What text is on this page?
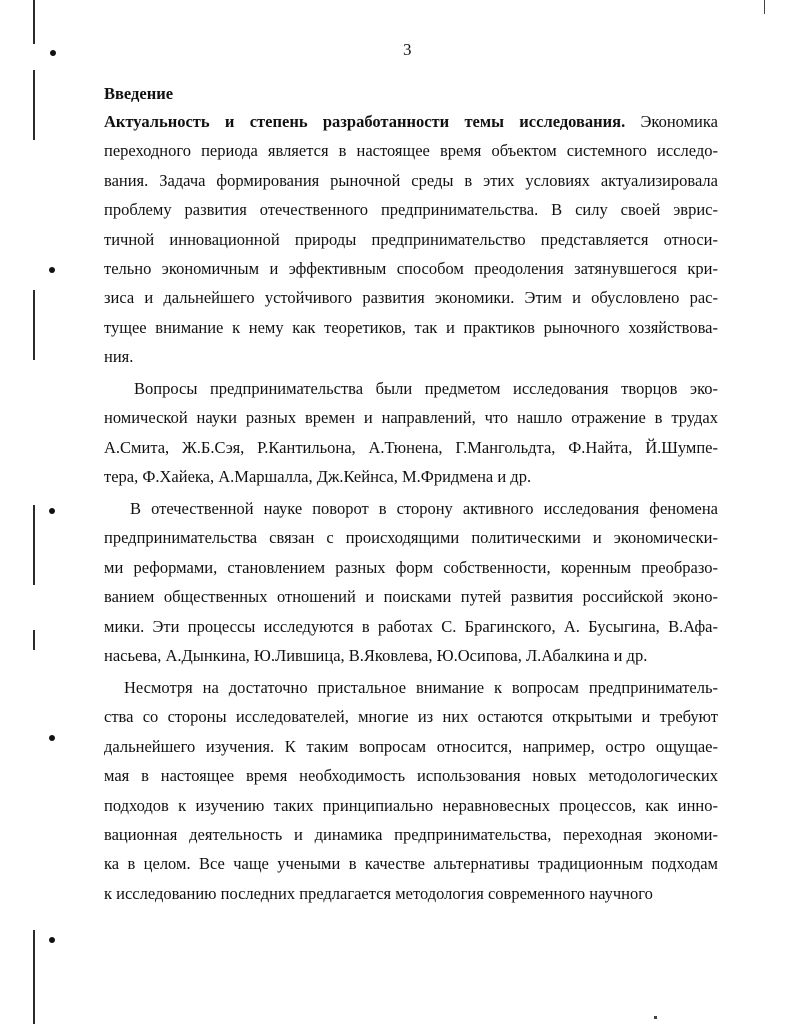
3
Введение
Актуальность и степень разработанности темы исследования. Экономика
переходного периода является в настоящее время объектом системного исследо-
вания. Задача формирования рыночной среды в этих условиях актуализировала
проблему развития отечественного предпринимательства. В силу своей эврис-
тичной инновационной природы предпринимательство представляется относи-
тельно экономичным и эффективным способом преодоления затянувшегося кри-
зиса и дальнейшего устойчивого развития экономики. Этим и обусловлено рас-
тущее внимание к нему как теоретиков, так и практиков рыночного хозяйствова-
ния.
Вопросы предпринимательства были предметом исследования творцов эко-
номической науки разных времен и направлений, что нашло отражение в трудах
А.Смита, Ж.Б.Сэя, Р.Кантильона, А.Тюнена, Г.Мангольдта, Ф.Найта, Й.Шумпе-
тера, Ф.Хайека, А.Маршалла, Дж.Кейнса, М.Фридмена и др.
В отечественной науке поворот в сторону активного исследования феномена
предпринимательства связан с происходящими политическими и экономически-
ми реформами, становлением разных форм собственности, коренным преобразо-
ванием общественных отношений и поисками путей развития российской эконо-
мики. Эти процессы исследуются в работах С. Брагинского, А. Бусыгина, В.Афа-
насьева, А.Дынкина, Ю.Лившица, В.Яковлева, Ю.Осипова, Л.Абалкина и др.
Несмотря на достаточно пристальное внимание к вопросам предприниматель-
ства со стороны исследователей, многие из них остаются открытыми и требуют
дальнейшего изучения. К таким вопросам относится, например, остро ощущае-
мая в настоящее время необходимость использования новых методологических
подходов к изучению таких принципиально неравновесных процессов, как инно-
вационная деятельность и динамика предпринимательства, переходная экономи-
ка в целом. Все чаще учеными в качестве альтернативы традиционным подходам
к исследованию последних предлагается методология современного научного
